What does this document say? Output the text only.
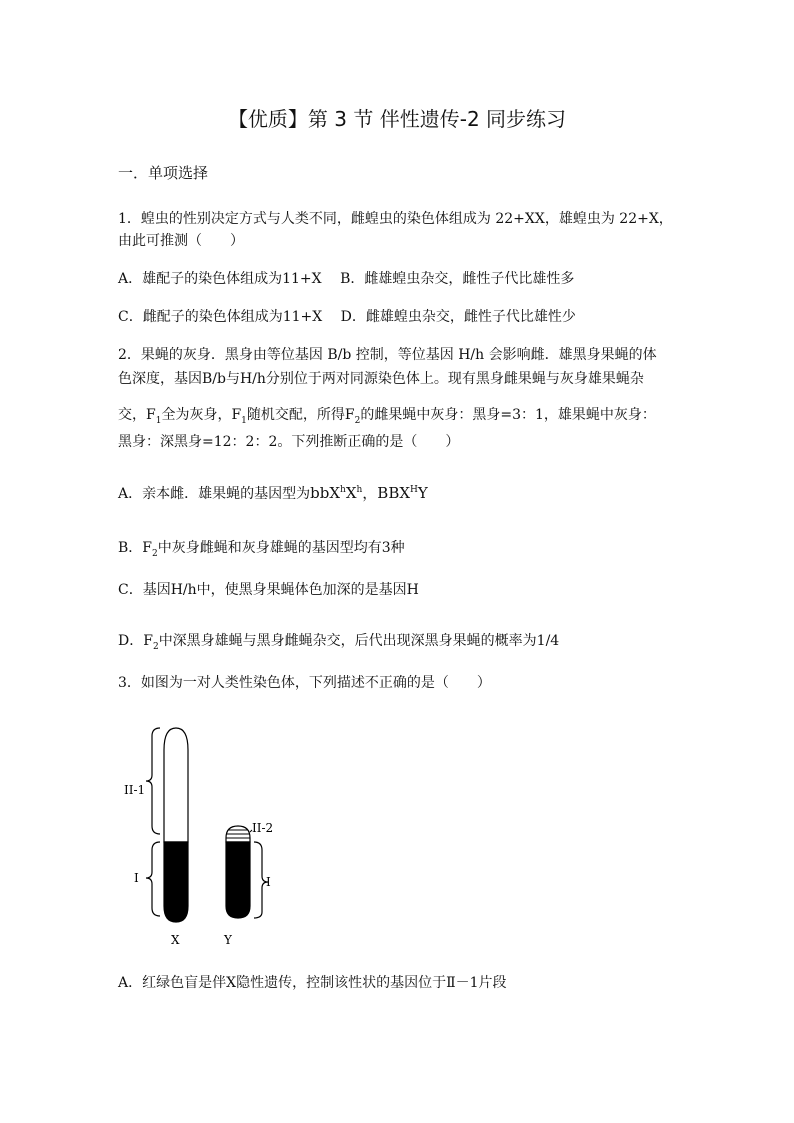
【优质】第 3 节 伴性遗传-2 同步练习
一．单项选择
1．蝗虫的性别决定方式与人类不同，雌蝗虫的染色体组成为 22+XX，雄蝗虫为 22+X，
由此可推测（　　）
A．雄配子的染色体组成为11+X　 B．雌雄蝗虫杂交，雌性子代比雄性多
C．雌配子的染色体组成为11+X　 D．雌雄蝗虫杂交，雌性子代比雄性少
2．果蝇的灰身．黑身由等位基因 B/b 控制，等位基因 H/h 会影响雌．雄黑身果蝇的体
色深度，基因B/b与H/h分别位于两对同源染色体上。现有黑身雌果蝇与灰身雄果蝇杂
交，$F_1$全为灰身，$F_1$随机交配，所得$F_2$的雌果蝇中灰身：黑身=3：1，雄果蝇中灰身：
黑身：深黑身=12：2：2。下列推断正确的是（　　）
A．亲本雌．雄果蝇的基因型为$bbX^hX^h$，$BBX^HY$
B．$F_2$中灰身雌蝇和灰身雄蝇的基因型均有3种
C．基因H/h中，使黑身果蝇体色加深的是基因H
D．$F_2$中深黑身雄蝇与黑身雌蝇杂交，后代出现深黑身果蝇的概率为1/4
3．如图为一对人类性染色体，下列描述不正确的是（　　）
II-1
I
II-2
I
X	Y
A．红绿色盲是伴X隐性遗传，控制该性状的基因位于Ⅱ－1片段
